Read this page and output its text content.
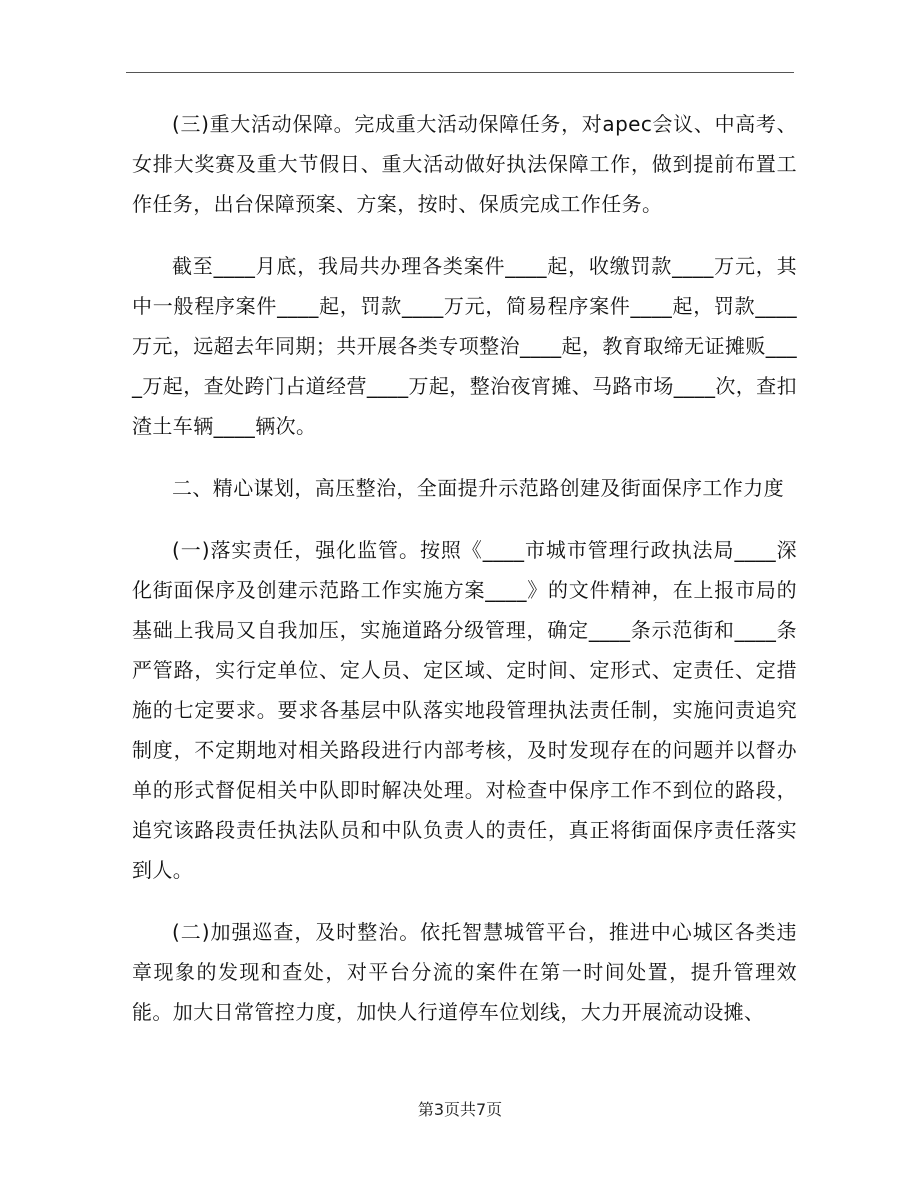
(三)重大活动保障。完成重大活动保障任务，对apec会议、中高考、女排大奖赛及重大节假日、重大活动做好执法保障工作，做到提前布置工作任务，出台保障预案、方案，按时、保质完成工作任务。

截至____月底，我局共办理各类案件____起，收缴罚款____万元，其中一般程序案件____起，罚款____万元，简易程序案件____起，罚款____万元，远超去年同期；共开展各类专项整治____起，教育取缔无证摊贩____万起，查处跨门占道经营____万起，整治夜宵摊、马路市场____次，查扣渣土车辆____辆次。

二、精心谋划，高压整治，全面提升示范路创建及街面保序工作力度

(一)落实责任，强化监管。按照《____市城市管理行政执法局____深化街面保序及创建示范路工作实施方案____》的文件精神，在上报市局的基础上我局又自我加压，实施道路分级管理，确定____条示范街和____条严管路，实行定单位、定人员、定区域、定时间、定形式、定责任、定措施的七定要求。要求各基层中队落实地段管理执法责任制，实施问责追究制度，不定期地对相关路段进行内部考核，及时发现存在的问题并以督办单的形式督促相关中队即时解决处理。对检查中保序工作不到位的路段，追究该路段责任执法队员和中队负责人的责任，真正将街面保序责任落实到人。

(二)加强巡查，及时整治。依托智慧城管平台，推进中心城区各类违章现象的发现和查处，对平台分流的案件在第一时间处置，提升管理效能。加大日常管控力度，加快人行道停车位划线，大力开展流动设摊、

第3页共7页
